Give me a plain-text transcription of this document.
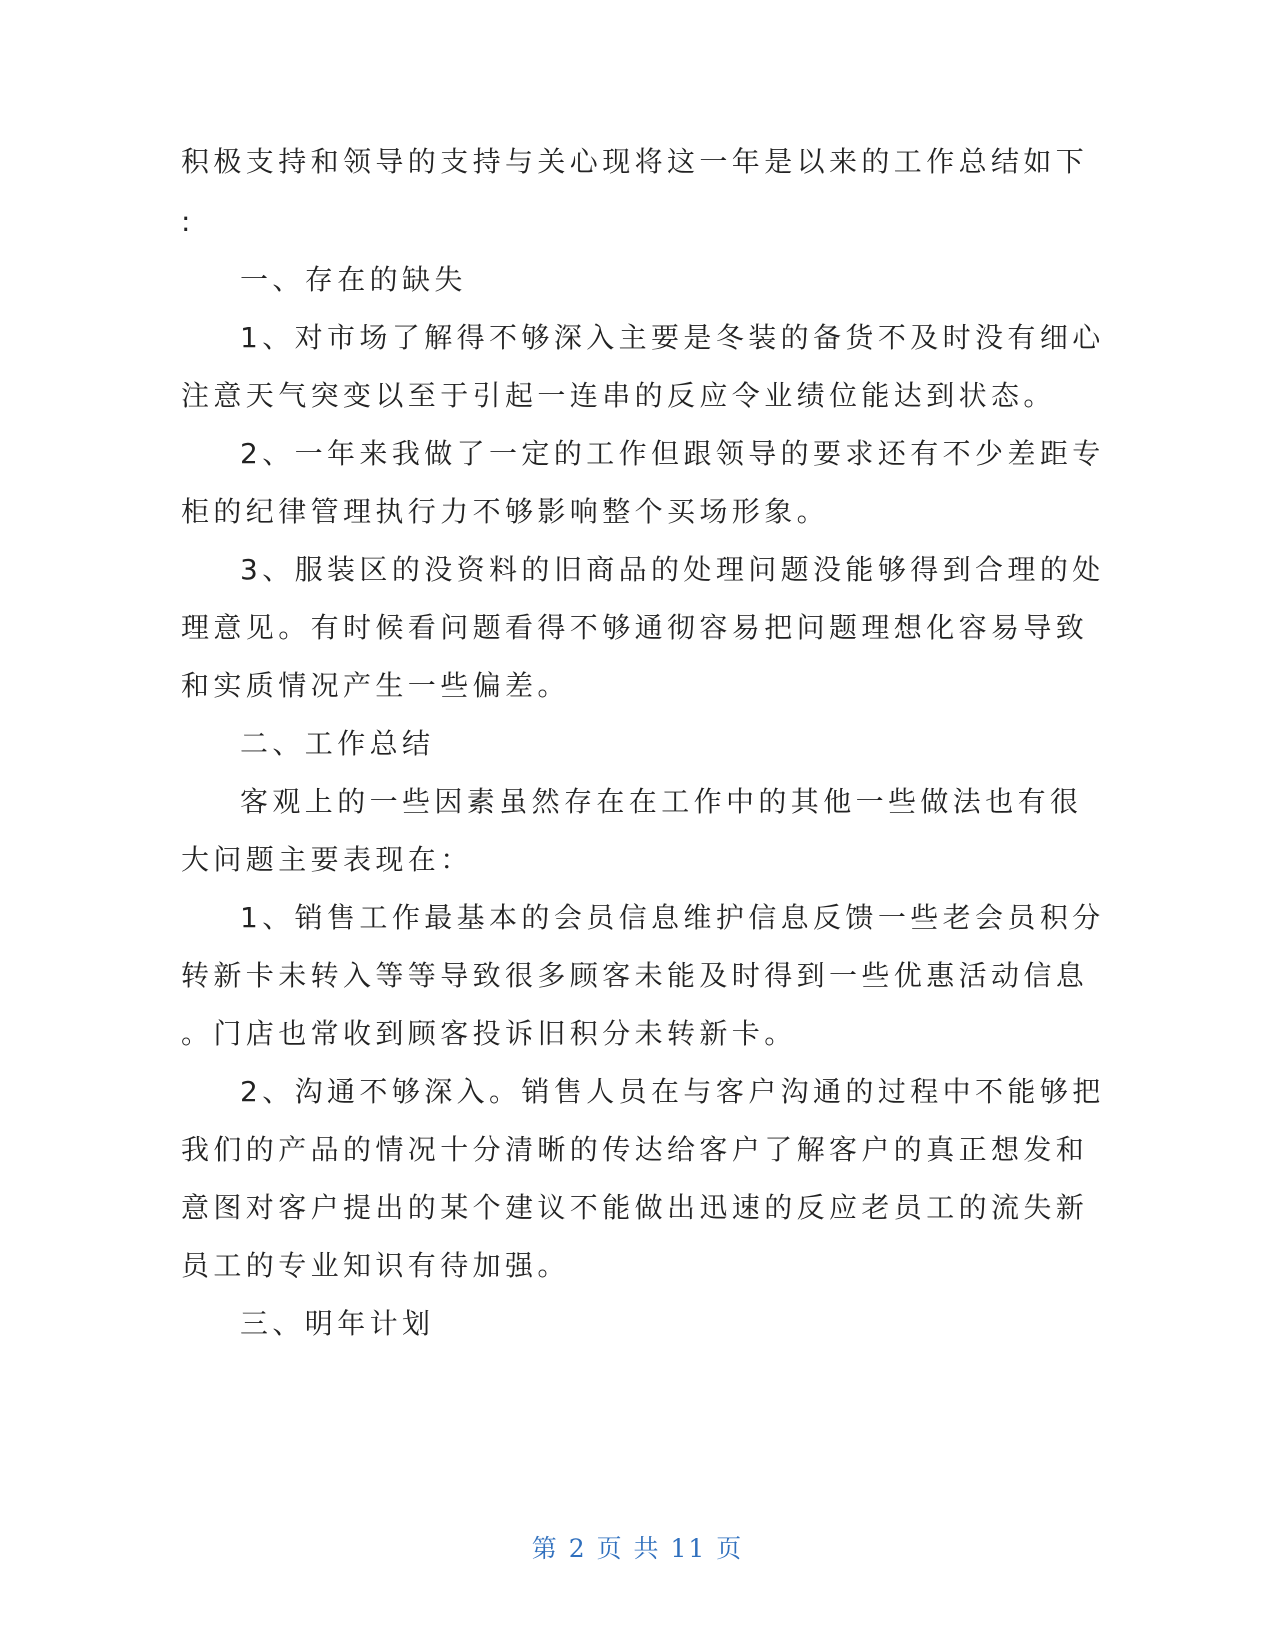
积极支持和领导的支持与关心现将这一年是以来的工作总结如下

:

一、存在的缺失

1、对市场了解得不够深入主要是冬装的备货不及时没有细心

注意天气突变以至于引起一连串的反应令业绩位能达到状态。

2、一年来我做了一定的工作但跟领导的要求还有不少差距专

柜的纪律管理执行力不够影响整个买场形象。

3、服装区的没资料的旧商品的处理问题没能够得到合理的处

理意见。有时候看问题看得不够通彻容易把问题理想化容易导致

和实质情况产生一些偏差。

二、工作总结

客观上的一些因素虽然存在在工作中的其他一些做法也有很

大问题主要表现在：

1、销售工作最基本的会员信息维护信息反馈一些老会员积分

转新卡未转入等等导致很多顾客未能及时得到一些优惠活动信息

。门店也常收到顾客投诉旧积分未转新卡。

2、沟通不够深入。销售人员在与客户沟通的过程中不能够把

我们的产品的情况十分清晰的传达给客户了解客户的真正想发和

意图对客户提出的某个建议不能做出迅速的反应老员工的流失新

员工的专业知识有待加强。

三、明年计划

第 2 页 共 11 页
